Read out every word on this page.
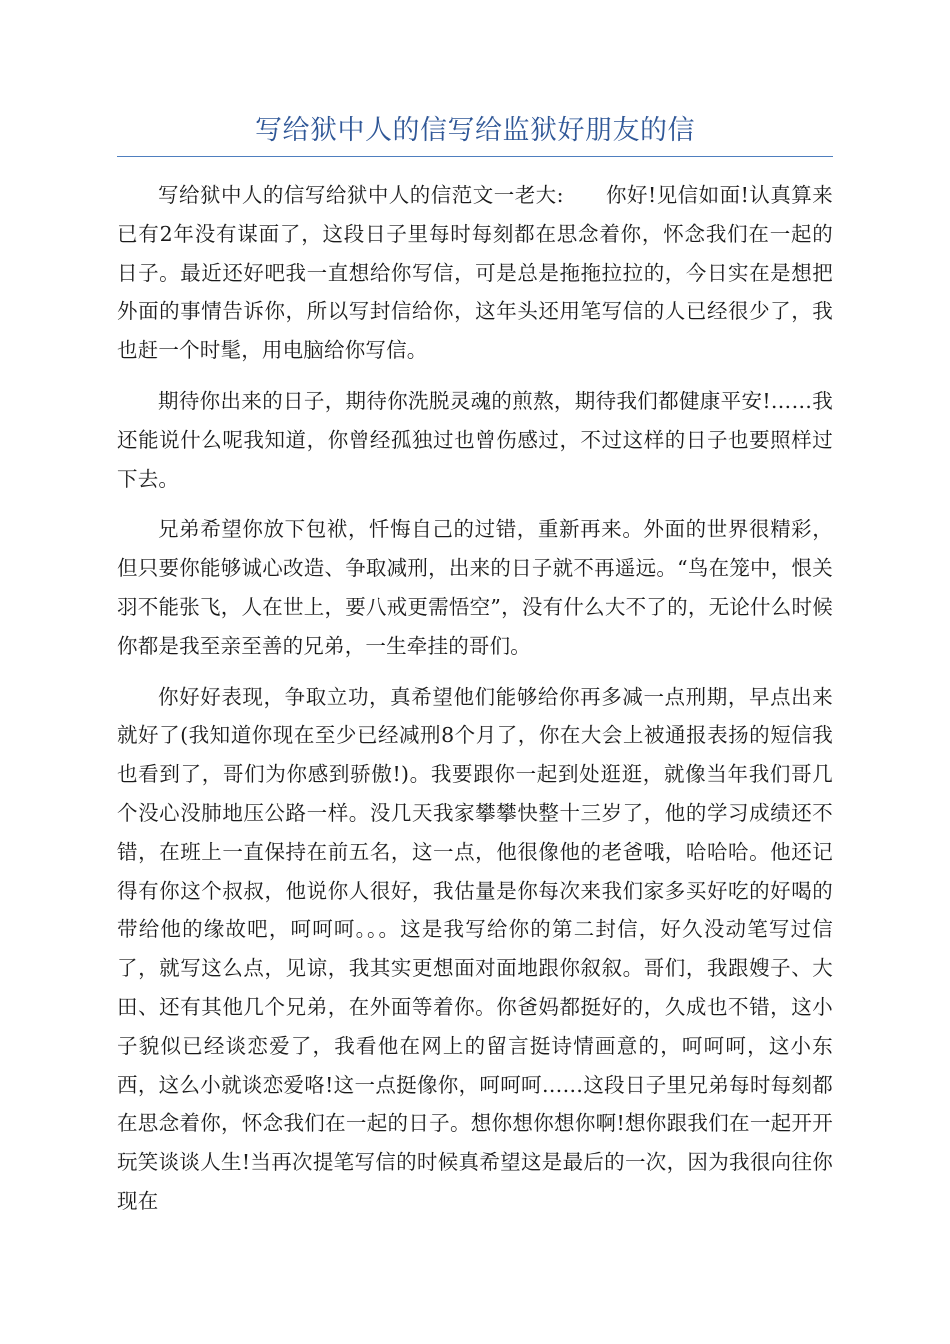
写给狱中人的信写给监狱好朋友的信

写给狱中人的信写给狱中人的信范文一老大:　　你好!见信如面!认真算来已有2年没有谋面了，这段日子里每时每刻都在思念着你，怀念我们在一起的日子。最近还好吧我一直想给你写信，可是总是拖拖拉拉的，今日实在是想把外面的事情告诉你，所以写封信给你，这年头还用笔写信的人已经很少了，我也赶一个时髦，用电脑给你写信。

期待你出来的日子，期待你洗脱灵魂的煎熬，期待我们都健康平安!……我还能说什么呢我知道，你曾经孤独过也曾伤感过，不过这样的日子也要照样过下去。

兄弟希望你放下包袱，忏悔自己的过错，重新再来。外面的世界很精彩，但只要你能够诚心改造、争取减刑，出来的日子就不再遥远。“鸟在笼中，恨关羽不能张飞，人在世上，要八戒更需悟空”，没有什么大不了的，无论什么时候你都是我至亲至善的兄弟，一生牵挂的哥们。

你好好表现，争取立功，真希望他们能够给你再多减一点刑期，早点出来就好了(我知道你现在至少已经减刑8个月了，你在大会上被通报表扬的短信我也看到了，哥们为你感到骄傲!)。我要跟你一起到处逛逛，就像当年我们哥几个没心没肺地压公路一样。没几天我家攀攀快整十三岁了，他的学习成绩还不错，在班上一直保持在前五名，这一点，他很像他的老爸哦，哈哈哈。他还记得有你这个叔叔，他说你人很好，我估量是你每次来我们家多买好吃的好喝的带给他的缘故吧，呵呵呵。。。这是我写给你的第二封信，好久没动笔写过信了，就写这么点，见谅，我其实更想面对面地跟你叙叙。哥们，我跟嫂子、大田、还有其他几个兄弟，在外面等着你。你爸妈都挺好的，久成也不错，这小子貌似已经谈恋爱了，我看他在网上的留言挺诗情画意的，呵呵呵，这小东西，这么小就谈恋爱咯!这一点挺像你，呵呵呵……这段日子里兄弟每时每刻都在思念着你，怀念我们在一起的日子。想你想你想你啊!想你跟我们在一起开开玩笑谈谈人生!当再次提笔写信的时候真希望这是最后的一次，因为我很向往你现在
